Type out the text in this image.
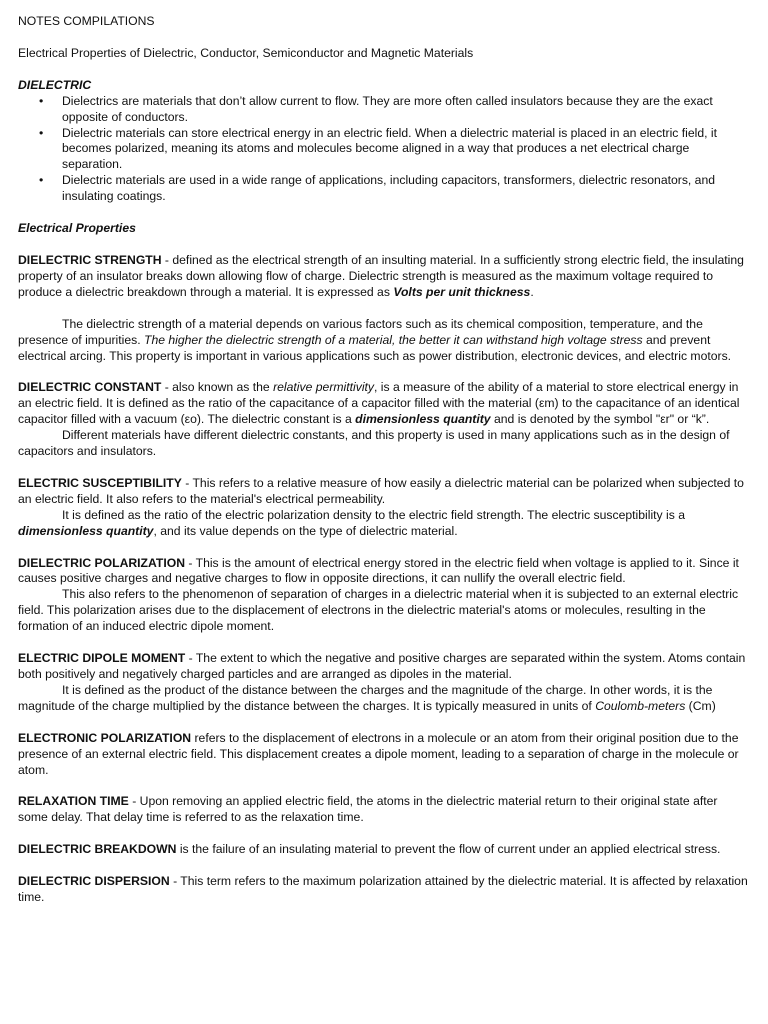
NOTES COMPILATIONS

Electrical Properties of Dielectric, Conductor, Semiconductor and Magnetic Materials

DIELECTRIC
• Dielectrics are materials that don’t allow current to flow. They are more often called insulators because they are the exact opposite of conductors.
• Dielectric materials can store electrical energy in an electric field. When a dielectric material is placed in an electric field, it becomes polarized, meaning its atoms and molecules become aligned in a way that produces a net electrical charge separation.
• Dielectric materials are used in a wide range of applications, including capacitors, transformers, dielectric resonators, and insulating coatings.
Electrical Properties

DIELECTRIC STRENGTH - defined as the electrical strength of an insulting material. In a sufficiently strong electric field, the insulating property of an insulator breaks down allowing flow of charge. Dielectric strength is measured as the maximum voltage required to produce a dielectric breakdown through a material. It is expressed as Volts per unit thickness.

The dielectric strength of a material depends on various factors such as its chemical composition, temperature, and the presence of impurities. The higher the dielectric strength of a material, the better it can withstand high voltage stress and prevent electrical arcing. This property is important in various applications such as power distribution, electronic devices, and electric motors.

DIELECTRIC CONSTANT - also known as the relative permittivity, is a measure of the ability of a material to store electrical energy in an electric field. It is defined as the ratio of the capacitance of a capacitor filled with the material (εm) to the capacitance of an identical capacitor filled with a vacuum (εo). The dielectric constant is a dimensionless quantity and is denoted by the symbol "εr" or “k”.

Different materials have different dielectric constants, and this property is used in many applications such as in the design of capacitors and insulators.

ELECTRIC SUSCEPTIBILITY - This refers to a relative measure of how easily a dielectric material can be polarized when subjected to an electric field. It also refers to the material's electrical permeability.

It is defined as the ratio of the electric polarization density to the electric field strength. The electric susceptibility is a dimensionless quantity, and its value depends on the type of dielectric material.

DIELECTRIC POLARIZATION - This is the amount of electrical energy stored in the electric field when voltage is applied to it. Since it causes positive charges and negative charges to flow in opposite directions, it can nullify the overall electric field.

This also refers to the phenomenon of separation of charges in a dielectric material when it is subjected to an external electric field. This polarization arises due to the displacement of electrons in the dielectric material's atoms or molecules, resulting in the formation of an induced electric dipole moment.

ELECTRIC DIPOLE MOMENT - The extent to which the negative and positive charges are separated within the system. Atoms contain both positively and negatively charged particles and are arranged as dipoles in the material.

It is defined as the product of the distance between the charges and the magnitude of the charge. In other words, it is the magnitude of the charge multiplied by the distance between the charges. It is typically measured in units of Coulomb-meters (Cm)

ELECTRONIC POLARIZATION refers to the displacement of electrons in a molecule or an atom from their original position due to the presence of an external electric field. This displacement creates a dipole moment, leading to a separation of charge in the molecule or atom.

RELAXATION TIME - Upon removing an applied electric field, the atoms in the dielectric material return to their original state after some delay. That delay time is referred to as the relaxation time.

DIELECTRIC BREAKDOWN is the failure of an insulating material to prevent the flow of current under an applied electrical stress.

DIELECTRIC DISPERSION - This term refers to the maximum polarization attained by the dielectric material. It is affected by relaxation time.
